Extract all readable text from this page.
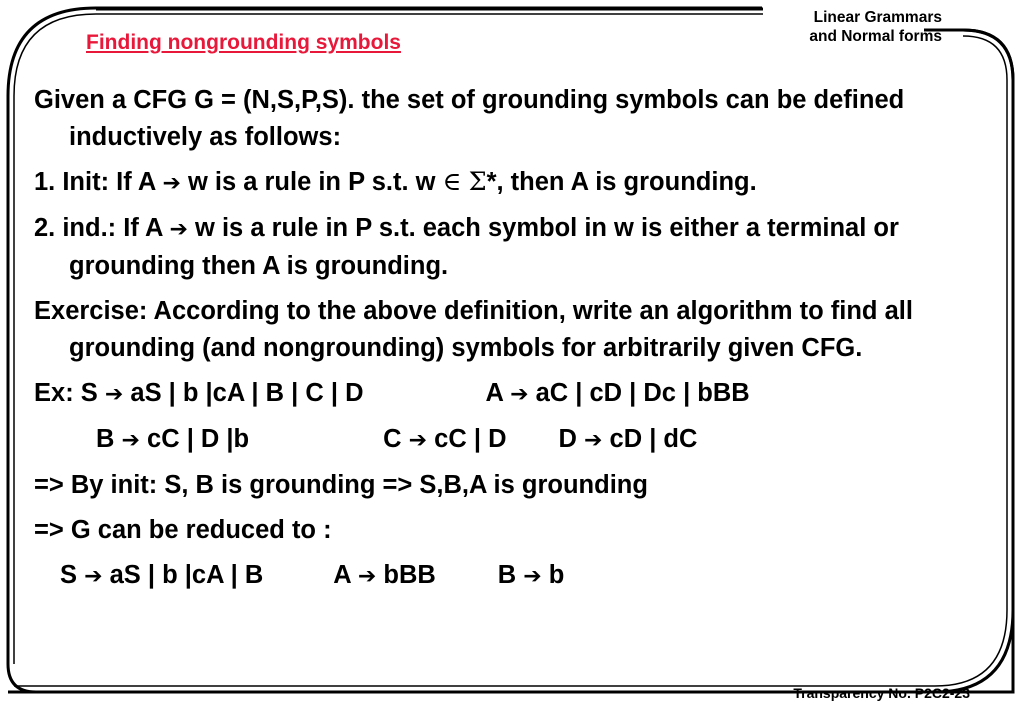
Linear Grammars
and Normal forms
Finding nongrounding symbols
Given a CFG G = (N,S,P,S). the set of grounding symbols can be defined inductively as follows:
1. Init: If A ➔ w is a rule in P s.t. w ∈ Σ*, then A is grounding.
2. ind.: If A ➔ w is a rule in P s.t. each symbol in w is either a terminal or grounding then A is grounding.
Exercise: According to the above definition, write an algorithm to find all grounding (and nongrounding) symbols for arbitrarily given CFG.
Ex: S ➔ aS | b |cA | B | C | D	A ➔ aC | cD | Dc | bBB
B ➔ cC | D |b	C ➔ cC | D D ➔ cD | dC
=> By init: S, B is grounding => S,B,A is grounding
=> G can be reduced to :
S ➔ aS | b |cA | B	A ➔ bBB B ➔ b
Transparency No. P2C2-23
